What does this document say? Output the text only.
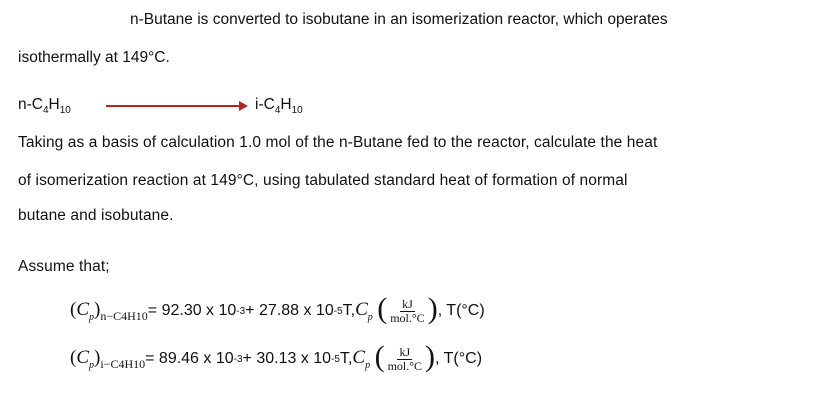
n-Butane is converted to isobutane in an isomerization reactor, which operates
isothermally at 149°C.
$n-C_4H_{10}$	$i-C_4H_{10}$
Taking as a basis of calculation 1.0 mol of the n-Butane fed to the reactor, calculate the heat
of isomerization reaction at 149°C, using tabulated standard heat of formation of normal
butane and isobutane.
Assume that;
$(C_p) n-C4H10 = 92.30$ x 10 -3 + 27.88 x 10 -5 T, $C_p$
( $\frac{kJ}{\text{mol.°C}}$ ) , T(°C)
$(C_p) i-C4H10 = 89.46$ x 10 -3 + 30.13 x 10 -5 T, $C_p$
( $\frac{kJ}{\text{mol.°C}}$ ) , T(°C)
